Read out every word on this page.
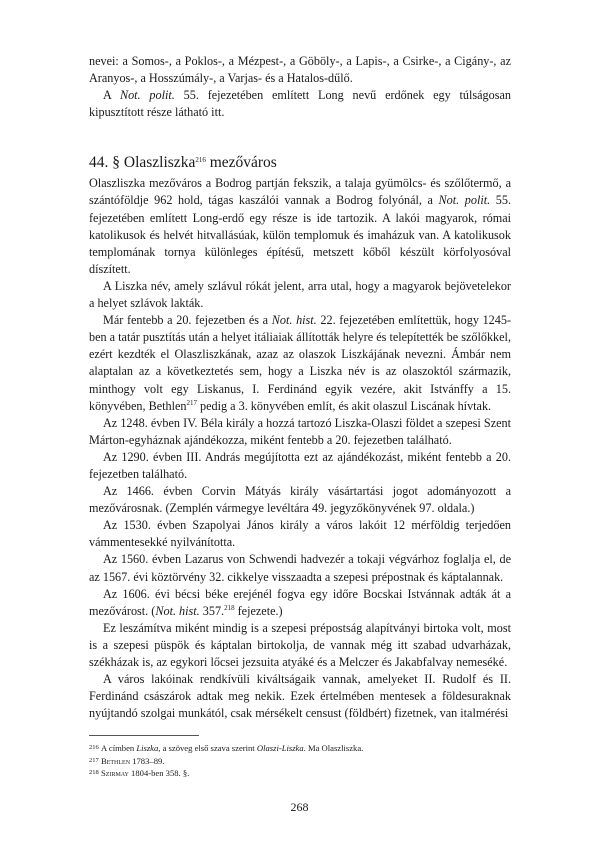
nevei: a Somos-, a Poklos-, a Mézpest-, a Göböly-, a Lapis-, a Csirke-, a Cigány-, az Aranyos-, a Hosszúmály-, a Varjas- és a Hatalos-dűlő.

A Not. polit. 55. fejezetében említett Long nevű erdőnek egy túlságosan kipusztított része látható itt.

44. § Olaszliszka$^{216}$ mezőváros

Olaszliszka mezőváros a Bodrog partján fekszik, a talaja gyümölcs- és szőlőtermő, a szántóföldje 962 hold, tágas kaszálói vannak a Bodrog folyónál, a Not. polit. 55. fejezetében említett Long-erdő egy része is ide tartozik. A lakói magyarok, római katolikusok és helvét hitvallásúak, külön templomuk és imaházuk van. A katolikusok templomának tornya különleges építésű, metszett kőből készült körfolyosóval díszített.

A Liszka név, amely szlávul rókát jelent, arra utal, hogy a magyarok bejövetelekor a helyet szlávok lakták.

Már fentebb a 20. fejezetben és a Not. hist. 22. fejezetében említettük, hogy 1245-ben a tatár pusztítás után a helyet itáliaiak állították helyre és telepítették be szőlőkkel, ezért kezdték el Olaszliszkának, azaz az olaszok Liszkájának nevezni. Ámbár nem alaptalan az a következtetés sem, hogy a Liszka név is az olaszoktól származik, minthogy volt egy Liskanus, I. Ferdinánd egyik vezére, akit Istvánffy a 15. könyvében, Bethlen$^{217}$ pedig a 3. könyvében említ, és akit olaszul Liscának hívtak.

Az 1248. évben IV. Béla király a hozzá tartozó Liszka-Olaszi földet a szepesi Szent Márton-egyháznak ajándékozza, miként fentebb a 20. fejezetben található.

Az 1290. évben III. András megújította ezt az ajándékozást, miként fentebb a 20. fejezetben található.

Az 1466. évben Corvin Mátyás király vásártartási jogot adományozott a mezővárosnak. (Zemplén vármegye levéltára 49. jegyzőkönyvének 97. oldala.)

Az 1530. évben Szapolyai János király a város lakóit 12 mérföldig terjedően vámmentesekké nyilvánította.

Az 1560. évben Lazarus von Schwendi hadvezér a tokaji végvárhoz foglalja el, de az 1567. évi köztörvény 32. cikkelye visszaadta a szepesi prépostnak és káptalannak.

Az 1606. évi bécsi béke erejénél fogva egy időre Bocskai Istvánnak adták át a mezővárost. (Not. hist. 357.$^{218}$ fejezete.)

Ez leszámítva miként mindig is a szepesi prépostság alapítványi birtoka volt, most is a szepesi püspök és káptalan birtokolja, de vannak még itt szabad udvarházak, székházak is, az egykori lőcsei jezsuita atyáké és a Melczer és Jakabfalvay nemeséké.

A város lakóinak rendkívüli kiváltságaik vannak, amelyeket II. Rudolf és II. Ferdinánd császárok adtak meg nekik. Ezek értelmében mentesek a földesuraknak nyújtandó szolgai munkától, csak mérsékelt censust (földbért) fizetnek, van italmérési

216 A címben Liszka, a szöveg első szava szerint Olaszi-Liszka. Ma Olaszliszka.
217 Bethlen 1783–89.
218 Szirmay 1804-ben 358. §.
268
